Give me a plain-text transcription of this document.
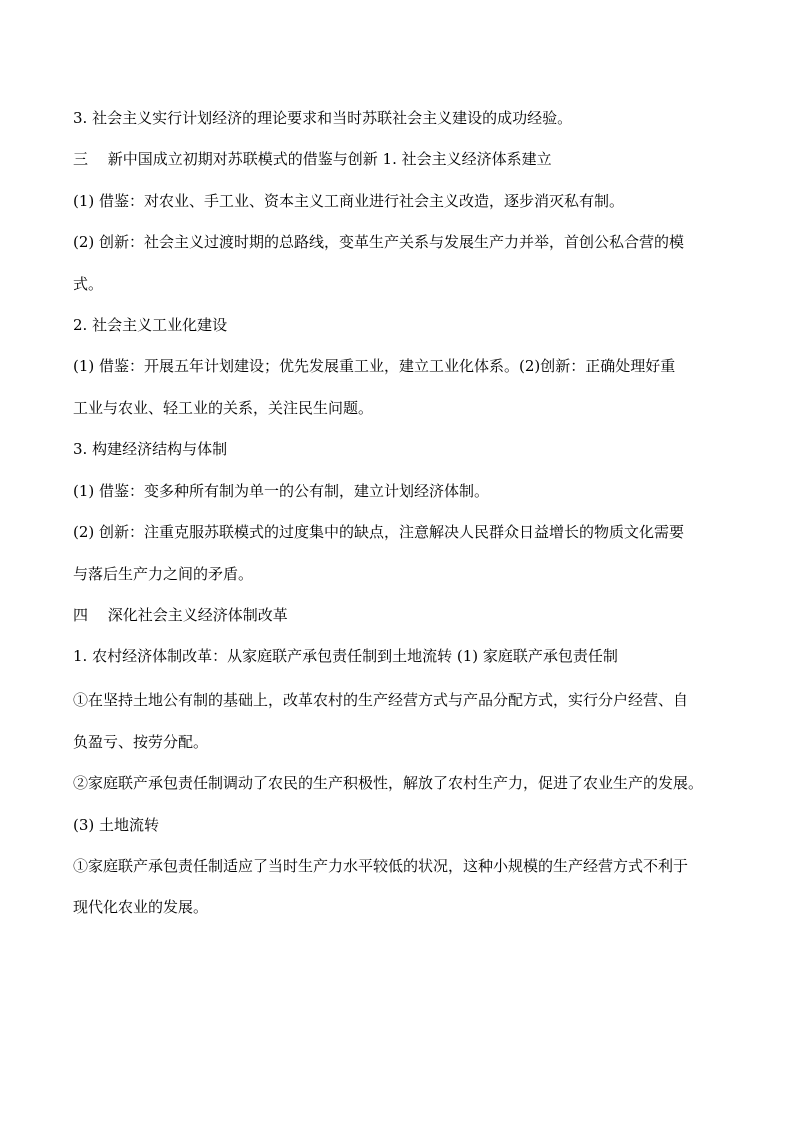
3. 社会主义实行计划经济的理论要求和当时苏联社会主义建设的成功经验。
三　 新中国成立初期对苏联模式的借鉴与创新 1. 社会主义经济体系建立
(1) 借鉴：对农业、手工业、资本主义工商业进行社会主义改造，逐步消灭私有制。
(2) 创新：社会主义过渡时期的总路线，变革生产关系与发展生产力并举，首创公私合营的模
式。
2. 社会主义工业化建设
(1) 借鉴：开展五年计划建设；优先发展重工业，建立工业化体系。(2)创新：正确处理好重
工业与农业、轻工业的关系，关注民生问题。
3. 构建经济结构与体制
(1) 借鉴：变多种所有制为单一的公有制，建立计划经济体制。
(2) 创新：注重克服苏联模式的过度集中的缺点，注意解决人民群众日益增长的物质文化需要
与落后生产力之间的矛盾。
四　 深化社会主义经济体制改革
1. 农村经济体制改革：从家庭联产承包责任制到土地流转 (1) 家庭联产承包责任制
①在坚持土地公有制的基础上，改革农村的生产经营方式与产品分配方式，实行分户经营、自
负盈亏、按劳分配。
②家庭联产承包责任制调动了农民的生产积极性，解放了农村生产力，促进了农业生产的发展。
(3) 土地流转
①家庭联产承包责任制适应了当时生产力水平较低的状况，这种小规模的生产经营方式不利于
现代化农业的发展。
